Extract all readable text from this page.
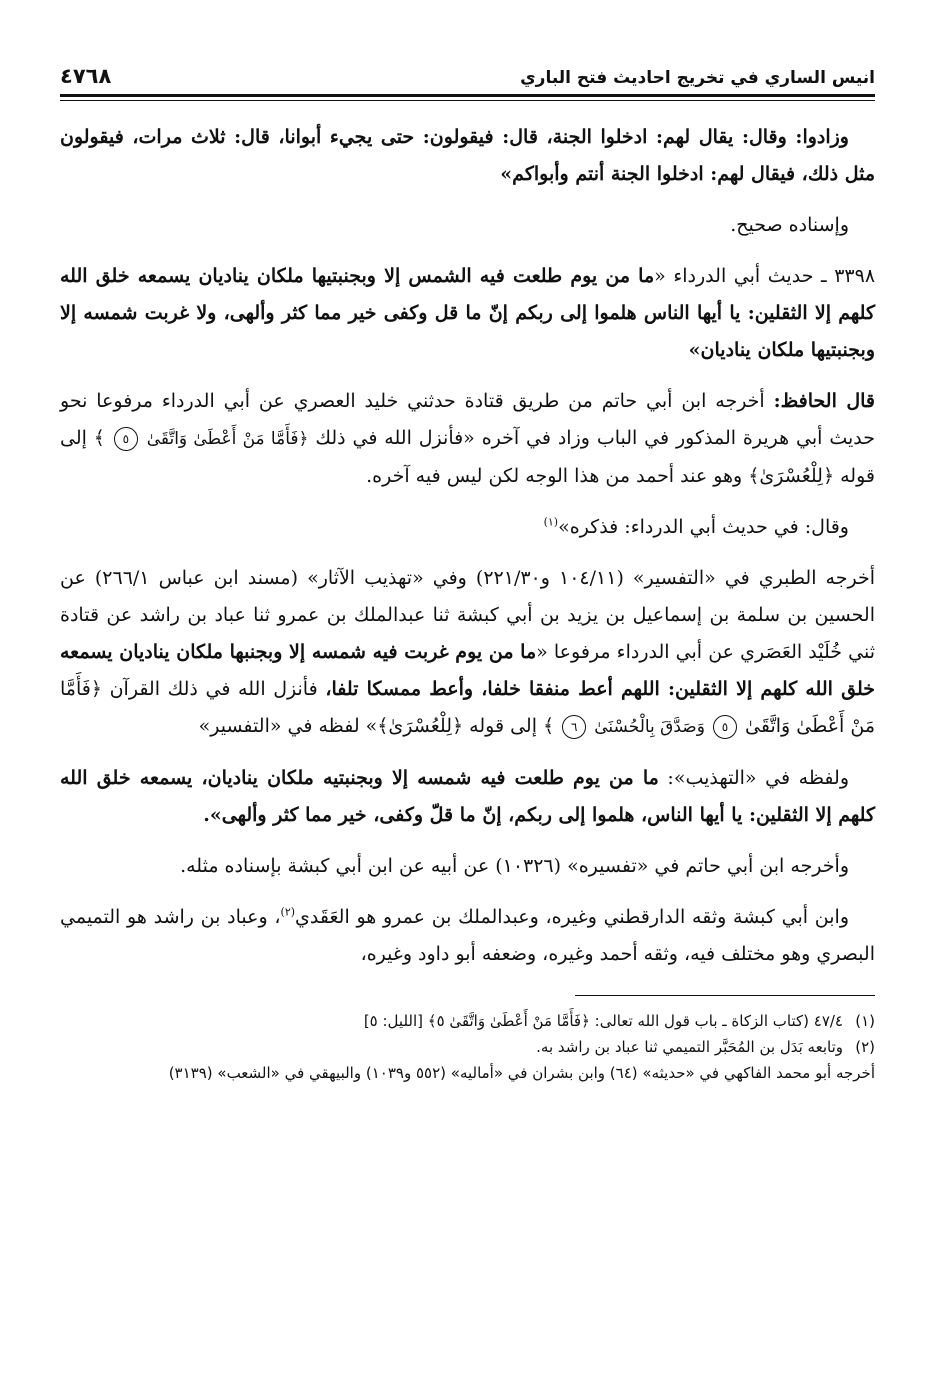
انيس الساري في تخريج احاديث فتح الباري
٤٧٦٨

وزادوا: وقال: يقال لهم: ادخلوا الجنة، قال: فيقولون: حتى يجيء أبوانا، قال: ثلاث مرات، فيقولون مثل ذلك، فيقال لهم: ادخلوا الجنة أنتم وأبواكم»

وإسناده صحيح.

٣٣٩٨ ـ حديث أبي الدرداء «ما من يوم طلعت فيه الشمس إلا وبجنبتيها ملكان يناديان يسمعه خلق الله كلهم إلا الثقلين: يا أيها الناس هلموا إلى ربكم إنّ ما قل وكفى خير مما كثر وألهى، ولا غربت شمسه إلا وبجنبتيها ملكان يناديان»

قال الحافظ: أخرجه ابن أبي حاتم من طريق قتادة حدثني خليد العصري عن أبي الدرداء مرفوعا نحو حديث أبي هريرة المذكور في الباب وزاد في آخره «فأنزل الله في ذلك ﴿فَأَمَّا مَنْ أَعْطَىٰ وَاتَّقَىٰ ٥ ﴾ إلى قوله ﴿لِلْعُسْرَىٰ﴾ وهو عند أحمد من هذا الوجه لكن ليس فيه آخره.

وقال: في حديث أبي الدرداء: فذكره»$^{(١)}$

أخرجه الطبري في «التفسير» (١٠٤/١١ و٢٢١/٣٠) وفي «تهذيب الآثار» (مسند ابن عباس ٢٦٦/١) عن الحسين بن سلمة بن إسماعيل بن يزيد بن أبي كبشة ثنا عبدالملك بن عمرو ثنا عباد بن راشد عن قتادة ثني خُلَيْد العَصَري عن أبي الدرداء مرفوعا «ما من يوم غربت فيه شمسه إلا وبجنبها ملكان يناديان يسمعه خلق الله كلهم إلا الثقلين: اللهم أعط منفقا خلفا، وأعط ممسكا تلفا، فأنزل الله في ذلك القرآن ﴿فَأَمَّا مَنْ أَعْطَىٰ وَاتَّقَىٰ ٥ وَصَدَّقَ بِالْحُسْنَىٰ ٦ ﴾ إلى قوله ﴿لِلْعُسْرَىٰ﴾» لفظه في «التفسير»

ولفظه في «التهذيب»: ما من يوم طلعت فيه شمسه إلا وبجنبتيه ملكان يناديان، يسمعه خلق الله كلهم إلا الثقلين: يا أيها الناس، هلموا إلى ربكم، إنّ ما قلّ وكفى، خير مما كثر وألهى».

وأخرجه ابن أبي حاتم في «تفسيره» (١٠٣٢٦) عن أبيه عن ابن أبي كبشة بإسناده مثله.

وابن أبي كبشة وثقه الدارقطني وغيره، وعبدالملك بن عمرو هو العَقَدي$^{(٢)}$، وعباد بن راشد هو التميمي البصري وهو مختلف فيه، وثقه أحمد وغيره، وضعفه أبو داود وغيره،

(١)٤٧/٤ (كتاب الزكاة ـ باب قول الله تعالى: ﴿فَأَمَّا مَنْ أَعْطَىٰ وَاتَّقَىٰ ٥﴾ [الليل: ٥]

(٢)وتابعه بَدَل بن المُحَبَّر التميمي ثنا عباد بن راشد به.

أخرجه أبو محمد الفاكهي في «حديثه» (٦٤) وابن بشران في «أماليه» (٥٥٢ و١٠٣٩) والبيهقي في «الشعب» (٣١٣٩)
